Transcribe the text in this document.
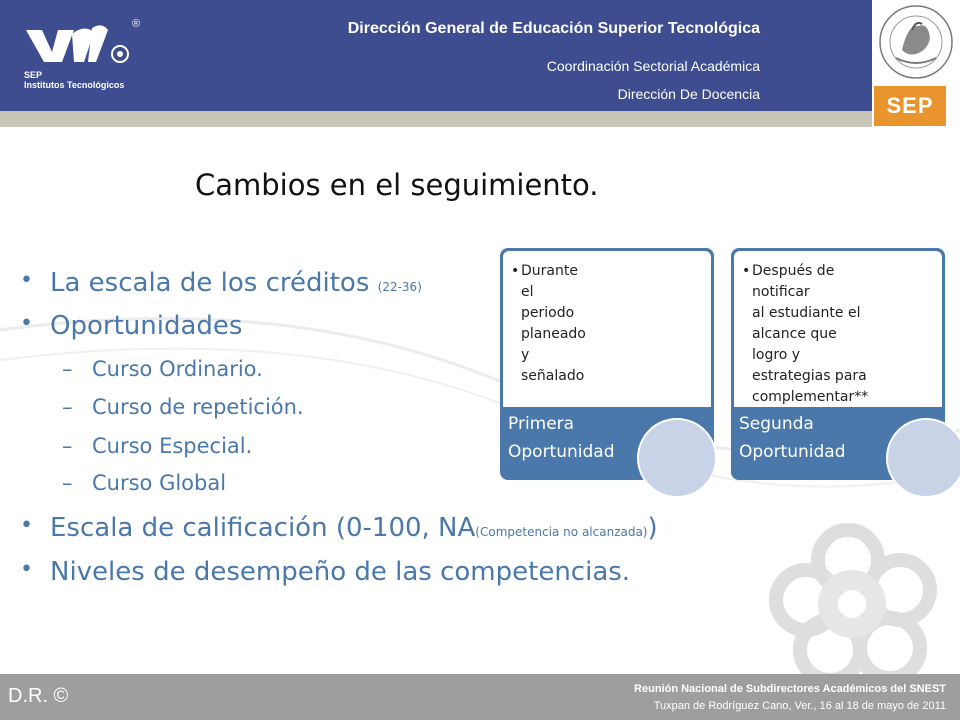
®
SEP
Institutos Tecnológicos
Dirección General de Educación Superior Tecnológica
Coordinación Sectorial Académica
Dirección De Docencia	SEP
Cambios en el seguimiento.
• La escala de los créditos (22-36)
• Oportunidades
– Curso Ordinario.
– Curso de repetición.
– Curso Especial.
– Curso Global
• Escala de calificación (0-100, NA(Competencia no alcanzada))
• Niveles de desempeño de las competencias.
• Durante el periodo
planeado y señalado
Primera
Oportunidad
• Después de notificar
al estudiante el
alcance que logro y
estrategias para
complementar**
Segunda
Oportunidad
D.R. ©	Reunión Nacional de Subdirectores Académicos del SNEST
Tuxpan de Rodríguez Cano, Ver., 16 al 18 de mayo de 2011
